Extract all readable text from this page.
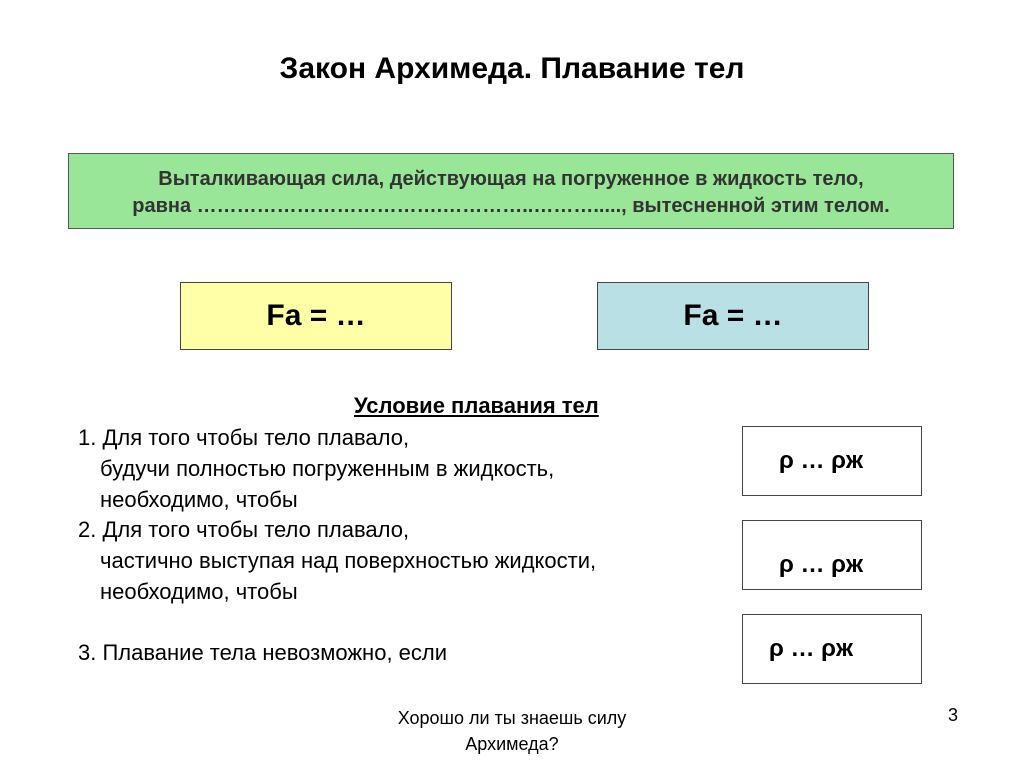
Закон Архимеда. Плавание тел
Выталкивающая сила, действующая на погруженное в жидкость тело,
равна ……………………………….…………..………....., вытесненной этим телом.
Fa = …	Fa = …
Условие плавания тел
1. Для того чтобы тело плавало,
будучи полностью погруженным в жидкость,
необходимо, чтобы
2. Для того чтобы тело плавало,
частично выступая над поверхностью жидкости,
необходимо, чтобы
3. Плавание тела невозможно, если
ρ … ρж
ρ … ρж
ρ … ρж
Хорошо ли ты знаешь силу
Архимеда?
3
